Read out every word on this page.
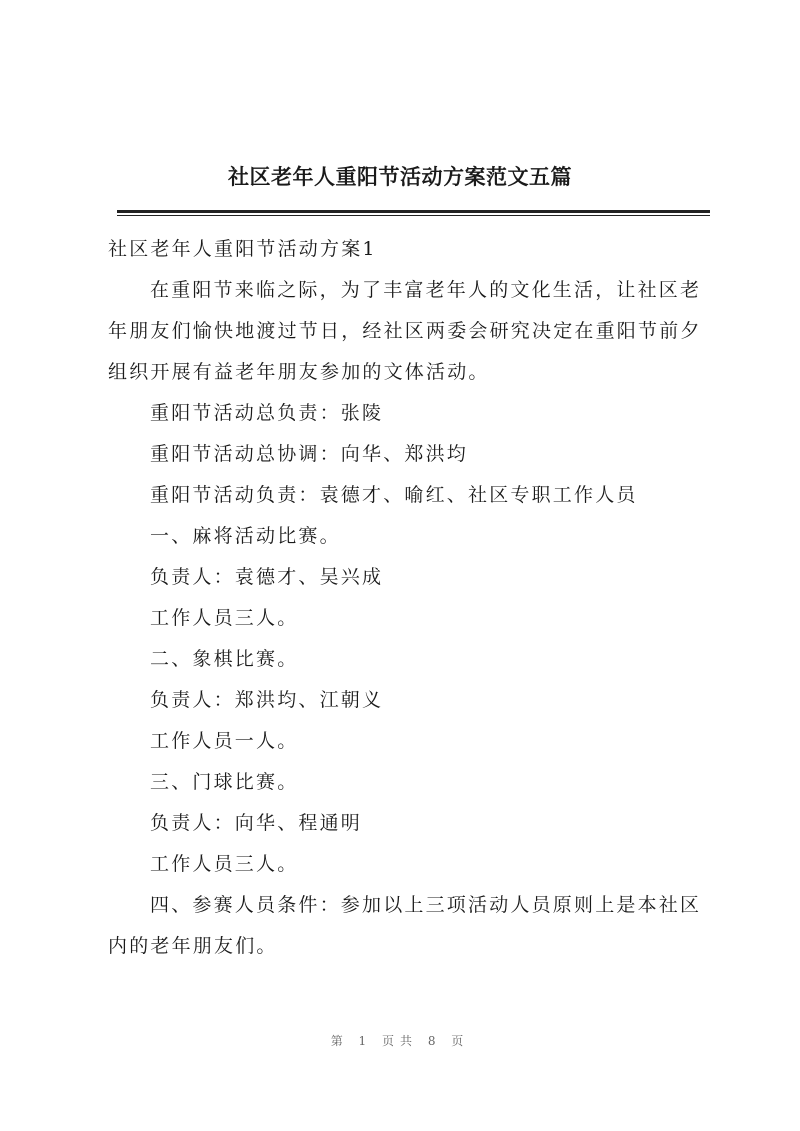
社区老年人重阳节活动方案范文五篇

社区老年人重阳节活动方案1

在重阳节来临之际，为了丰富老年人的文化生活，让社区老年朋友们愉快地渡过节日，经社区两委会研究决定在重阳节前夕组织开展有益老年朋友参加的文体活动。

重阳节活动总负责：张陵

重阳节活动总协调：向华、郑洪均

重阳节活动负责：袁德才、喻红、社区专职工作人员

一、麻将活动比赛。

负责人：袁德才、吴兴成

工作人员三人。

二、象棋比赛。

负责人：郑洪均、江朝义

工作人员一人。

三、门球比赛。

负责人：向华、程通明

工作人员三人。

四、参赛人员条件：参加以上三项活动人员原则上是本社区内的老年朋友们。

第 1 页共 8 页
